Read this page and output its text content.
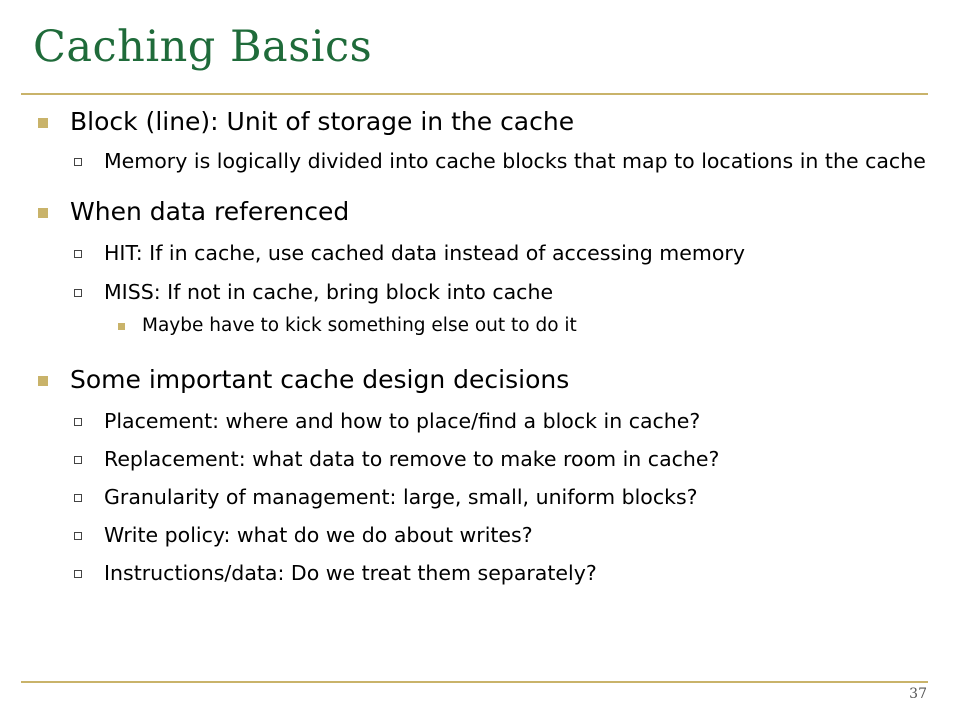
Caching Basics
Block (line): Unit of storage in the cache
Memory is logically divided into cache blocks that map to locations in the cache
When data referenced
HIT: If in cache, use cached data instead of accessing memory
MISS: If not in cache, bring block into cache
Maybe have to kick something else out to do it
Some important cache design decisions
Placement: where and how to place/find a block in cache?
Replacement: what data to remove to make room in cache?
Granularity of management: large, small, uniform blocks?
Write policy: what do we do about writes?
Instructions/data: Do we treat them separately?
37
